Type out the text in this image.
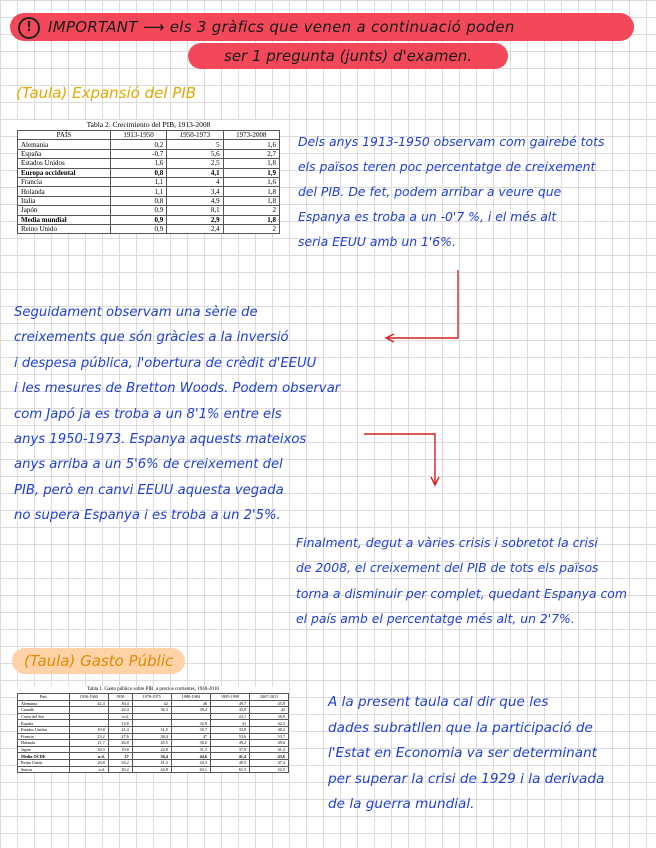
!	IMPORTANT ⟶ els 3 gràfics que venen a continuació poden
ser 1 pregunta (junts) d'examen.
(Taula) Expansió del PIB
Tabla 2. Crecimiento del PIB, 1913-2008
PAÍS	1913-1950	1950-1973	1973-2008
Alemania	0,2	5	1,6
España	-0,7	5,6	2,7
Estados Unidos	1,6	2,5	1,8
Europa occidental	0,8	4,1	1,9
Francia	1,1	4	1,6
Holanda	1,1	3,4	1,8
Italia	0,8	4,9	1,8
Japón	0,9	8,1	2
Media mundial	0,9	2,9	1,8
Reino Unido	0,9	2,4	2
Dels anys 1913-1950 observam com gairebé tots
els països teren poc percentatge de creixement
del PIB. De fet, podem arribar a veure que
Espanya es troba a un -0'7 %, i el més alt
seria EEUU amb un 1'6%.
Seguidament observam una sèrie de
creixements que són gràcies a la inversió
i despesa pública, l'obertura de crèdit d'EEUU
i les mesures de Bretton Woods. Podem observar
com Japó ja es troba a un 8'1% entre els
anys 1950-1973. Espanya aquests mateixos
anys arriba a un 5'6% de creixement del
PIB, però en canvi EEUU aquesta vegada
no supera Espanya i es troba a un 2'5%.
Finalment, degut a vàries crisis i sobretot la crisi
de 2008, el creixement del PIB de tots els països
torna a disminuir per complet, quedant Espanya com
el país amb el percentatge més alt, un 2'7%.
(Taula) Gasto Públic
Tabla 1. Gasto público sobre PIB, a precios corrientes, 1940-2010
País	1930-1940	1950	1970-1975	1980-1984	1995-1999	2007-2011
Alemania	42,4	30,4	42	48	49,7	45,8
Canadá		24,4	36,3	39,4	45,8	42
Corea del Sur		n.d.			22,1	30,9
España		13,8		32,9	41	42,3
Estados Unidos	19,8	21,4	31,5	35,7	33,8	40,2
Francia	23,2	27,6	38,4	47	53,6	53,7
Holanda	21,7	26,8	45,5	58,6	49,2	49,6
Japón	30,3	19,8	22,8	31,3	37,9	41,2
Media OCDE	n.d.	27	36,4	44,6	41,4	43,6
Reino Unido	26,8	34,2	41,5	44,3	40,5	47,4
Suecia	n.d.	30,2	42,8	63,1	61,3	52,5
A la present taula cal dir que les
dades subratllen que la participació de
l'Estat en Economia va ser determinant
per superar la crisi de 1929 i la derivada
de la guerra mundial.
